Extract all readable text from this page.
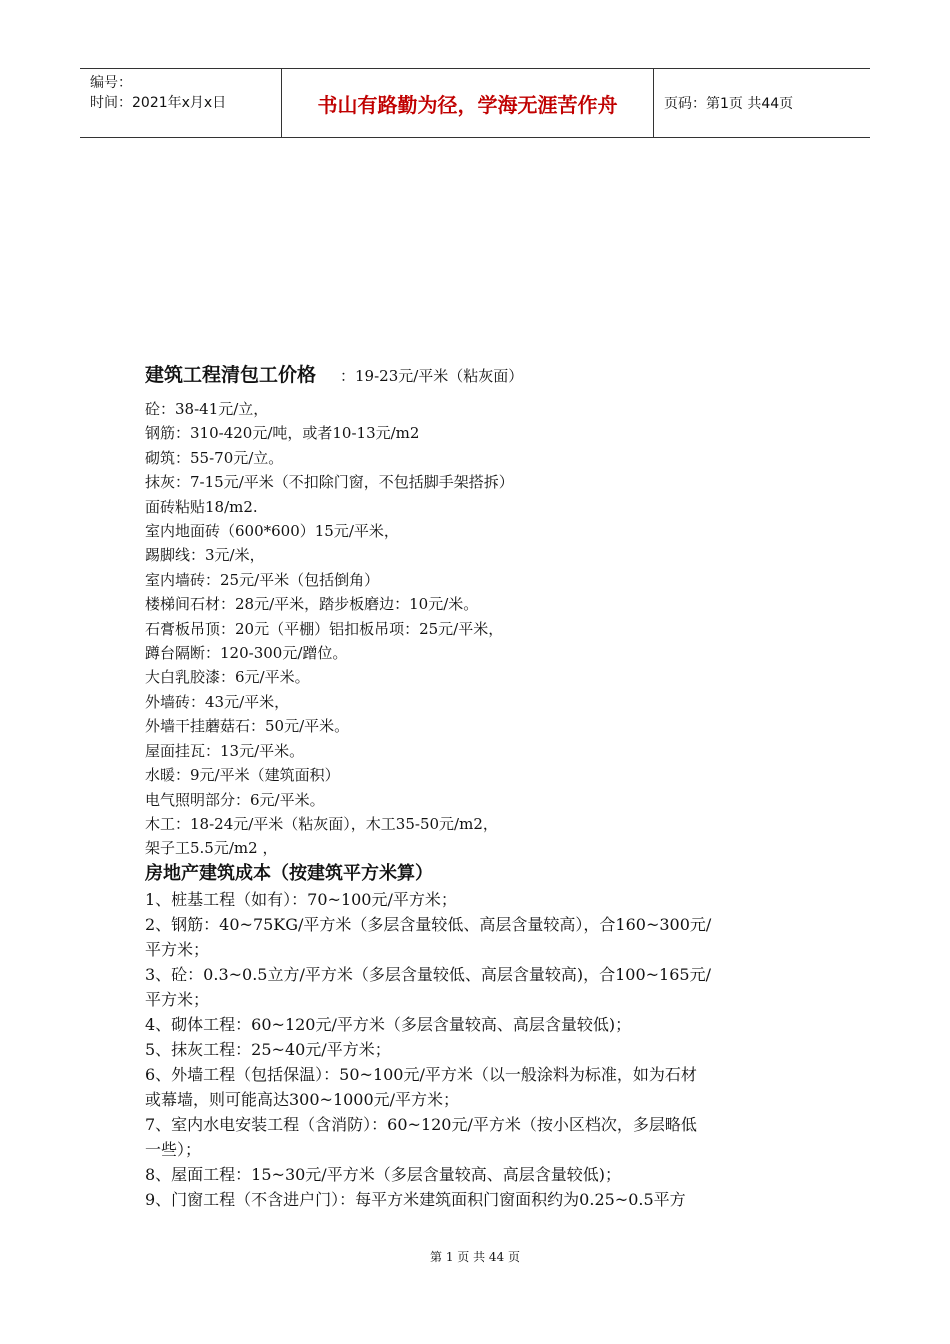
编号：
时间：2021年x月x日	书山有路勤为径，学海无涯苦作舟	页码：第1页 共44页
建筑工程清包工价格 ：19-23元/平米（粘灰面）
砼：38-41元/立，
钢筋：310-420元/吨，或者10-13元/m2
砌筑：55-70元/立。
抹灰：7-15元/平米（不扣除门窗，不包括脚手架搭拆）
面砖粘贴18/m2.
室内地面砖（600*600）15元/平米，
踢脚线：3元/米，
室内墙砖：25元/平米（包括倒角）
楼梯间石材：28元/平米，踏步板磨边：10元/米。
石膏板吊顶：20元（平棚）铝扣板吊项：25元/平米，
蹲台隔断：120-300元/蹭位。
大白乳胶漆：6元/平米。
外墙砖：43元/平米，
外墙干挂蘑菇石：50元/平米。
屋面挂瓦：13元/平米。
水暖：9元/平米（建筑面积）
电气照明部分：6元/平米。
木工：18-24元/平米（粘灰面），木工35-50元/m2，
架子工5.5元/m2 ，
房地产建筑成本（按建筑平方米算）
1、桩基工程（如有）：70~100元/平方米；
2、钢筋：40~75KG/平方米（多层含量较低、高层含量较高），合160~300元/
平方米；
3、砼：0.3~0.5立方/平方米（多层含量较低、高层含量较高)，合100~165元/
平方米；
4、砌体工程：60~120元/平方米（多层含量较高、高层含量较低)；
5、抹灰工程：25~40元/平方米；
6、外墙工程（包括保温）：50~100元/平方米（以一般涂料为标准，如为石材
或幕墙，则可能高达300~1000元/平方米；
7、室内水电安装工程（含消防）：60~120元/平方米（按小区档次，多层略低
一些）；
8、屋面工程：15~30元/平方米（多层含量较高、高层含量较低)；
9、门窗工程（不含进户门）：每平方米建筑面积门窗面积约为0.25~0.5平方
第 1 页 共 44 页
